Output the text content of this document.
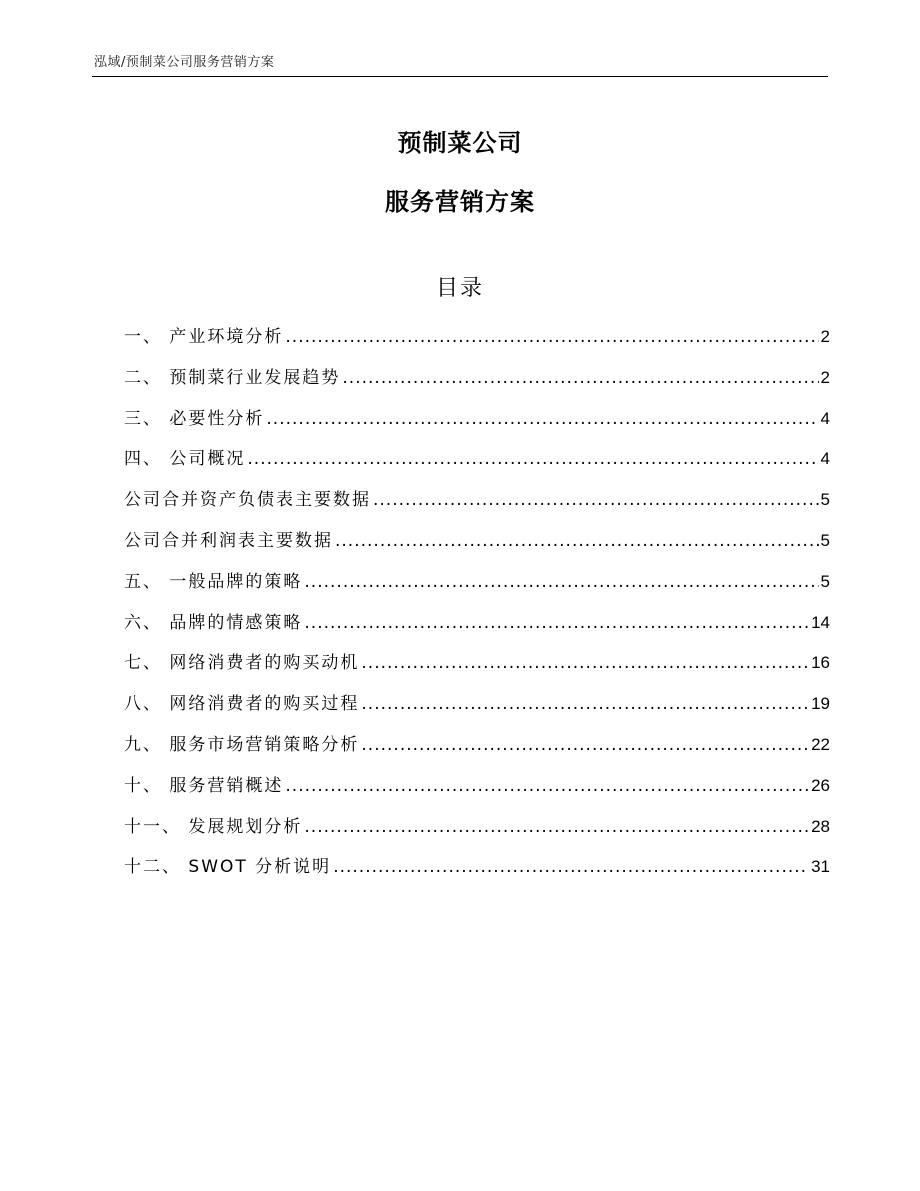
泓域/预制菜公司服务营销方案
预制菜公司
服务营销方案
目录
一、 产业环境分析 .....	2
二、 预制菜行业发展趋势 .....	2
三、 必要性分析 .....	4
四、 公司概况 .....	4
公司合并资产负债表主要数据 .....	5
公司合并利润表主要数据 .....	5
五、 一般品牌的策略 .....	5
六、 品牌的情感策略 .....	14
七、 网络消费者的购买动机 .....	16
八、 网络消费者的购买过程 .....	19
九、 服务市场营销策略分析 .....	22
十、 服务营销概述 .....	26
十一、 发展规划分析 .....	28
十二、 SWOT 分析说明 .....	31
